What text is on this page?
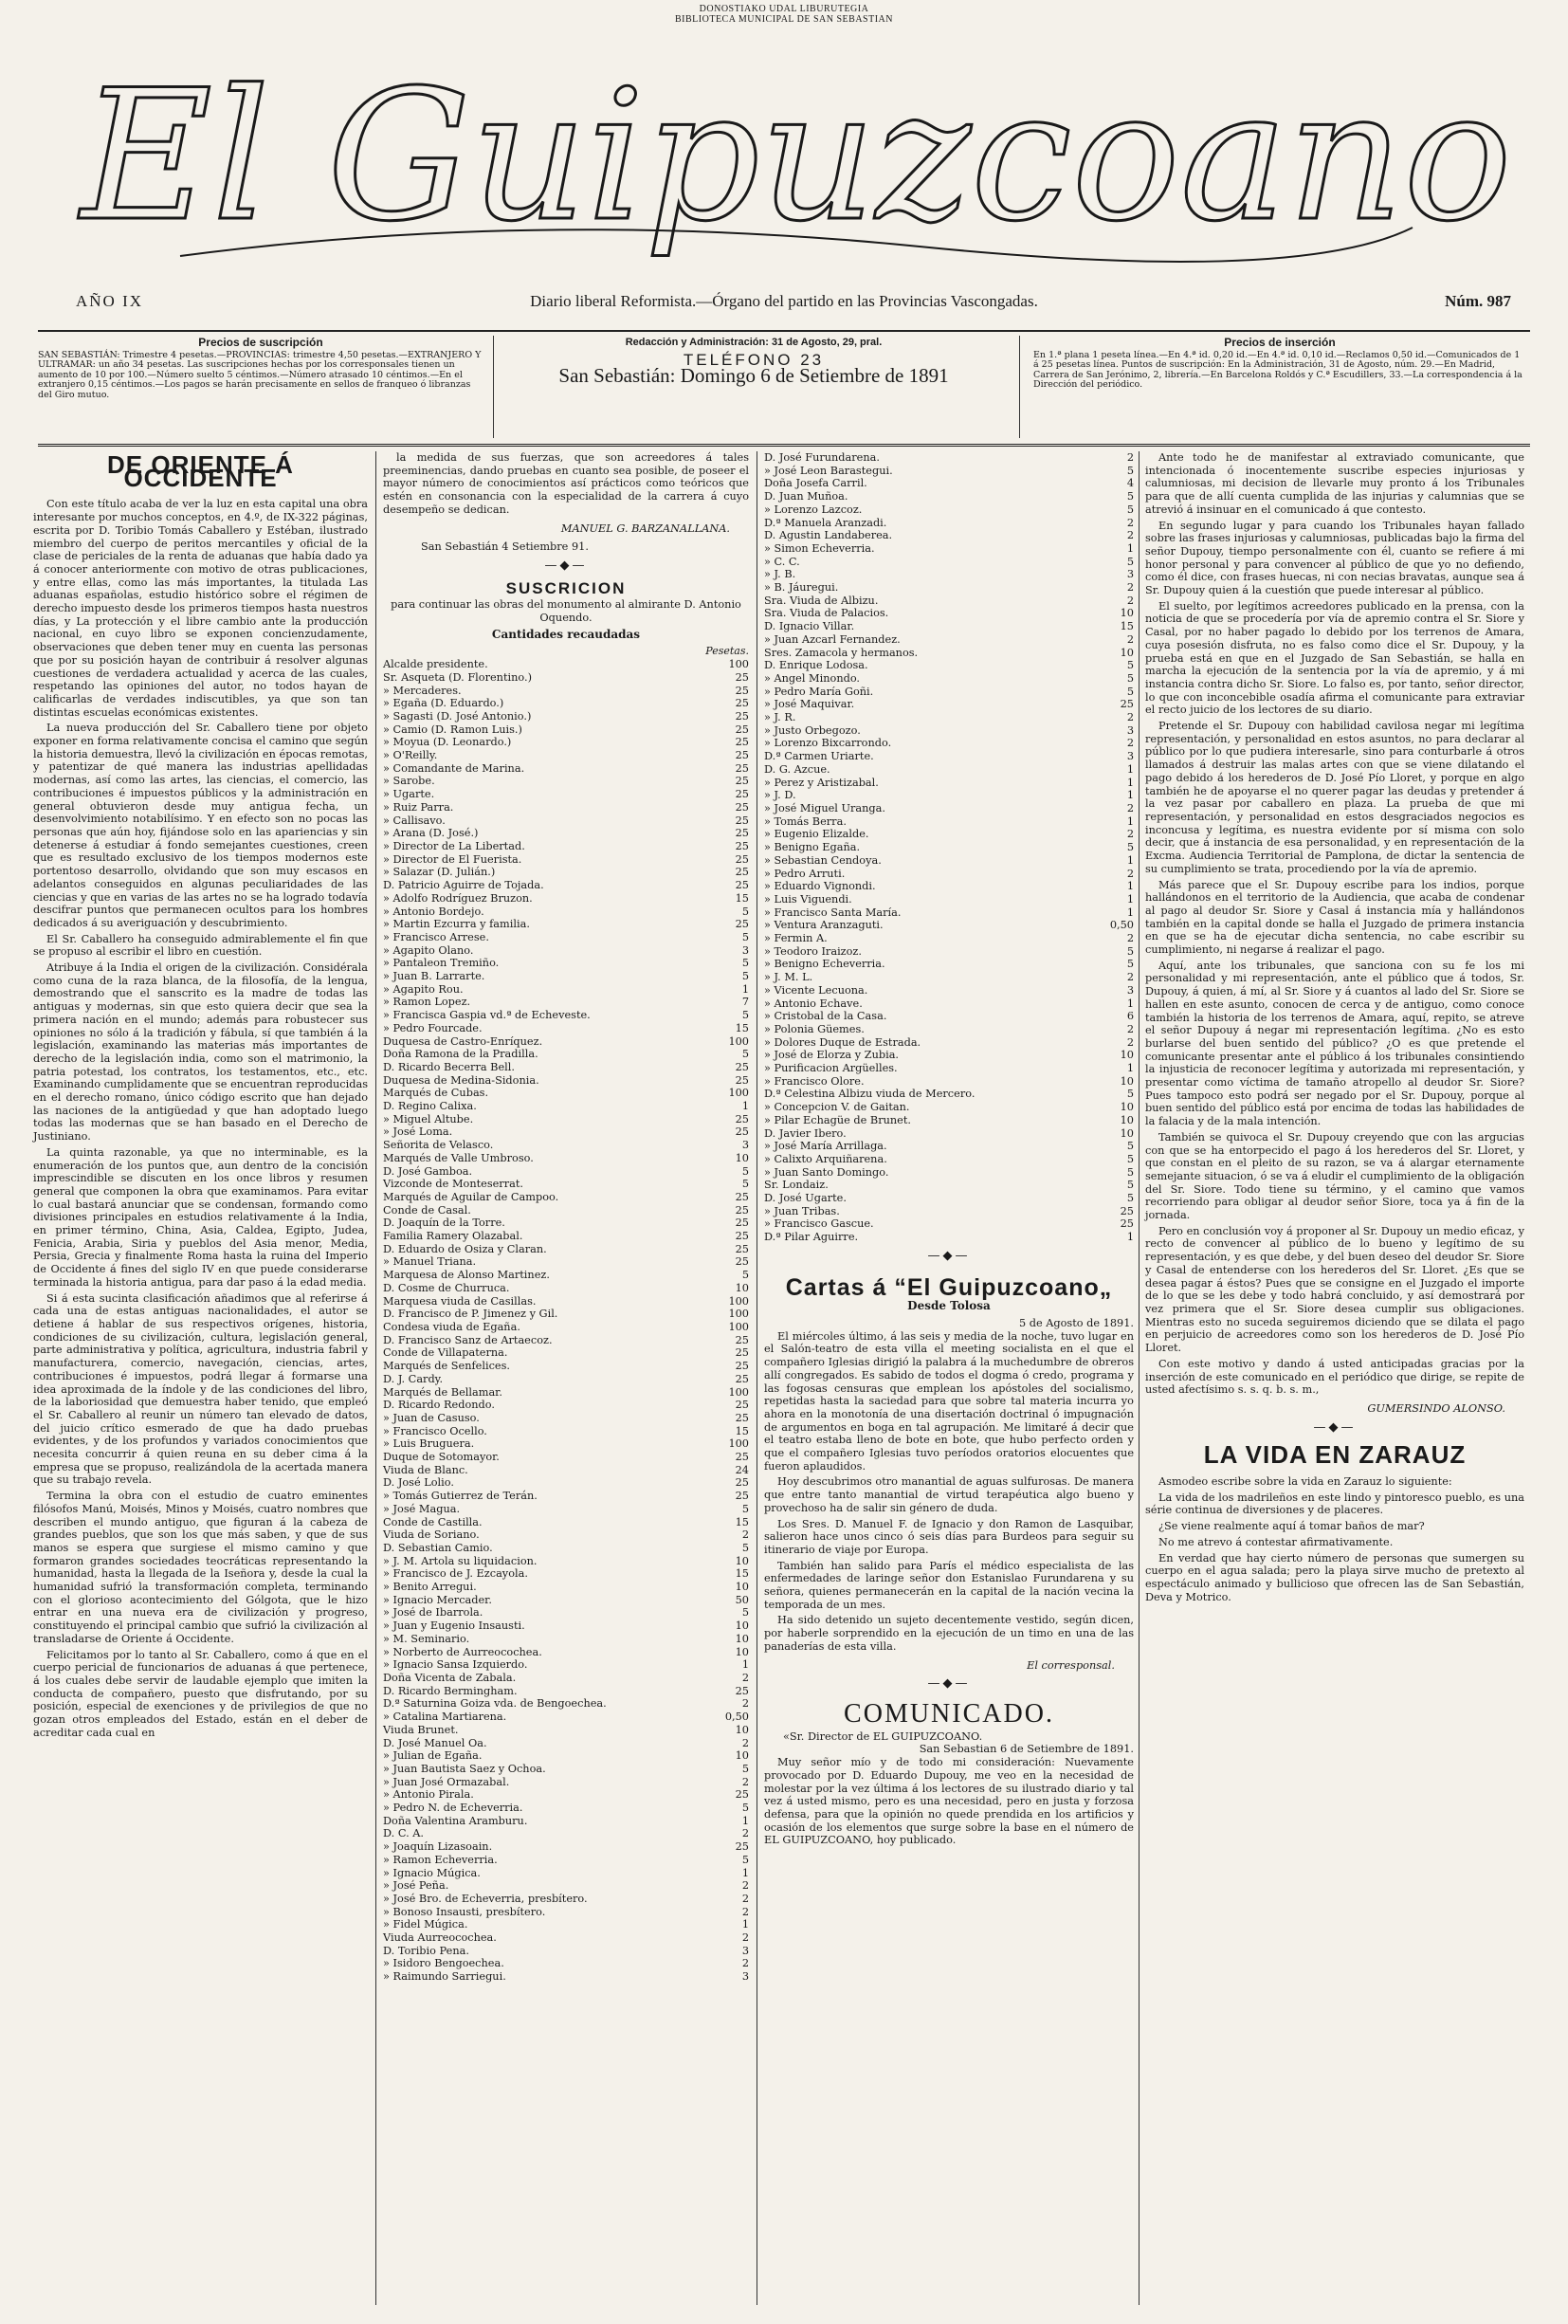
DONOSTIAKO UDAL LIBURUTEGIA
BIBLIOTECA MUNICIPAL DE SAN SEBASTIAN
El Guipuzcoano
AÑO IX	Diario liberal Reformista.—Órgano del partido en las Provincias Vascongadas.	Núm. 987
Precios de suscripción
SAN SEBASTIÁN: Trimestre 4 pesetas.—PROVINCIAS: trimestre 4,50 pesetas.—EXTRANJERO Y ULTRAMAR: un año 34 pesetas. Las suscripciones hechas por los corresponsales tienen un aumento de 10 por 100.—Número suelto 5 céntimos.—Número atrasado 10 céntimos.—En el extranjero 0,15 céntimos.—Los pagos se harán precisamente en sellos de franqueo ó libranzas del Giro mutuo.
Redacción y Administración: 31 de Agosto, 29, pral.
TELÉFONO 23
San Sebastián: Domingo 6 de Setiembre de 1891
Precios de inserción
En 1.ª plana 1 peseta línea.—En 4.ª id. 0,20 id.—En 4.ª id. 0,10 id.—Reclamos 0,50 id.—Comunicados de 1 á 25 pesetas línea. Puntos de suscripción: En la Administración, 31 de Agosto, núm. 29.—En Madrid, Carrera de San Jerónimo, 2, librería.—En Barcelona Roldós y C.ª Escudillers, 33.—La correspondencia á la Dirección del periódico.
DE ORIENTE Á OCCIDENTE

Con este título acaba de ver la luz en esta capital una obra interesante por muchos conceptos, en 4.º, de IX-322 páginas, escrita por D. Toribio Tomás Caballero y Estéban, ilustrado miembro del cuerpo de peritos mercantiles y oficial de la clase de periciales de la renta de aduanas que había dado ya á conocer anteriormente con motivo de otras publicaciones, y entre ellas, como las más importantes, la titulada Las aduanas españolas, estudio histórico sobre el régimen de derecho impuesto desde los primeros tiempos hasta nuestros días, y La protección y el libre cambio ante la producción nacional, en cuyo libro se exponen concienzudamente, observaciones que deben tener muy en cuenta las personas que por su posición hayan de contribuir á resolver algunas cuestiones de verdadera actualidad y acerca de las cuales, respetando las opiniones del autor, no todos hayan de calificarlas de verdades indiscutibles, ya que son tan distintas escuelas económicas existentes.

La nueva producción del Sr. Caballero tiene por objeto exponer en forma relativamente concisa el camino que según la historia demuestra, llevó la civilización en épocas remotas, y patentizar de qué manera las industrias apellidadas modernas, así como las artes, las ciencias, el comercio, las contribuciones é impuestos públicos y la administración en general obtuvieron desde muy antigua fecha, un desenvolvimiento notabilísimo. Y en efecto son no pocas las personas que aún hoy, fijándose solo en las apariencias y sin detenerse á estudiar á fondo semejantes cuestiones, creen que es resultado exclusivo de los tiempos modernos este portentoso desarrollo, olvidando que son muy escasos en adelantos conseguidos en algunas peculiaridades de las ciencias y que en varias de las artes no se ha logrado todavía descifrar puntos que permanecen ocultos para los hombres dedicados á su averiguación y descubrimiento.

El Sr. Caballero ha conseguido admirablemente el fin que se propuso al escribir el libro en cuestión.

Atribuye á la India el origen de la civilización. Considérala como cuna de la raza blanca, de la filosofía, de la lengua, demostrando que el sanscrito es la madre de todas las antiguas y modernas, sin que esto quiera decir que sea la primera nación en el mundo; además para robustecer sus opiniones no sólo á la tradición y fábula, sí que también á la legislación, examinando las materias más importantes de derecho de la legislación india, como son el matrimonio, la patria potestad, los contratos, los testamentos, etc., etc. Examinando cumplidamente que se encuentran reproducidas en el derecho romano, único código escrito que han dejado las naciones de la antigüedad y que han adoptado luego todas las modernas que se han basado en el Derecho de Justiniano.

La quinta razonable, ya que no interminable, es la enumeración de los puntos que, aun dentro de la concisión imprescindible se discuten en los once libros y resumen general que componen la obra que examinamos. Para evitar lo cual bastará anunciar que se condensan, formando como divisiones principales en estudios relativamente á la India, en primer término, China, Asia, Caldea, Egipto, Judea, Fenicia, Arabia, Siria y pueblos del Asia menor, Media, Persia, Grecia y finalmente Roma hasta la ruina del Imperio de Occidente á fines del siglo IV en que puede considerarse terminada la historia antigua, para dar paso á la edad media.

Si á esta sucinta clasificación añadimos que al referirse á cada una de estas antiguas nacionalidades, el autor se detiene á hablar de sus respectivos orígenes, historia, condiciones de su civilización, cultura, legislación general, parte administrativa y política, agricultura, industria fabril y manufacturera, comercio, navegación, ciencias, artes, contribuciones é impuestos, podrá llegar á formarse una idea aproximada de la índole y de las condiciones del libro, de la laboriosidad que demuestra haber tenido, que empleó el Sr. Caballero al reunir un número tan elevado de datos, del juicio crítico esmerado de que ha dado pruebas evidentes, y de los profundos y variados conocimientos que necesita concurrir á quien reuna en su deber cima á la empresa que se propuso, realizándola de la acertada manera que su trabajo revela.

Termina la obra con el estudio de cuatro eminentes filósofos Manú, Moisés, Minos y Moisés, cuatro nombres que describen el mundo antiguo, que figuran á la cabeza de grandes pueblos, que son los que más saben, y que de sus manos se espera que surgiese el mismo camino y que formaron grandes sociedades teocráticas representando la humanidad, hasta la llegada de la Iseñora y, desde la cual la humanidad sufrió la transformación completa, terminando con el glorioso acontecimiento del Gólgota, que le hizo entrar en una nueva era de civilización y progreso, constituyendo el principal cambio que sufrió la civilización al transladarse de Oriente á Occidente.

Felicitamos por lo tanto al Sr. Caballero, como á que en el cuerpo pericial de funcionarios de aduanas á que pertenece, á los cuales debe servir de laudable ejemplo que imiten la conducta de compañero, puesto que disfrutando, por su posición, especial de exenciones y de privilegios de que no gozan otros empleados del Estado, están en el deber de acreditar cada cual en

la medida de sus fuerzas, que son acreedores á tales preeminencias, dando pruebas en cuanto sea posible, de poseer el mayor número de conocimientos así prácticos como teóricos que estén en consonancia con la especialidad de la carrera á cuyo desempeño se dedican.

MANUEL G. BARZANALLANA.
San Sebastián 4 Setiembre 91.
—◆—
SUSCRICION
para continuar las obras del monumento al almirante D. Antonio Oquendo.
Cantidades recaudadas
Pesetas.
Alcalde presidente.	100
Sr. Asqueta (D. Florentino.)	25
» Mercaderes.	25
» Egaña (D. Eduardo.)	25
» Sagasti (D. José Antonio.)	25
» Camio (D. Ramon Luis.)	25
» Moyua (D. Leonardo.)	25
» O'Reilly.	25
» Comandante de Marina.	25
» Sarobe.	25
» Ugarte.	25
» Ruiz Parra.	25
» Callisavo.	25
» Arana (D. José.)	25
» Director de La Libertad.	25
» Director de El Fuerista.	25
» Salazar (D. Julián.)	25
D. Patricio Aguirre de Tojada.	25
» Adolfo Rodríguez Bruzon.	15
» Antonio Bordejo.	5
» Martin Ezcurra y familia.	25
» Francisco Arrese.	5
» Agapito Olano.	3
» Pantaleon Tremiño.	5
» Juan B. Larrarte.	5
» Agapito Rou.	1
» Ramon Lopez.	7
» Francisca Gaspia vd.ª de Echeveste.	5
» Pedro Fourcade.	15
Duquesa de Castro-Enríquez.	100
Doña Ramona de la Pradilla.	5
D. Ricardo Becerra Bell.	25
Duquesa de Medina-Sidonia.	25
Marqués de Cubas.	100
D. Regino Calixa.	1
» Miguel Altube.	25
» José Loma.	25
Señorita de Velasco.	3
Marqués de Valle Umbroso.	10
D. José Gamboa.	5
Vizconde de Monteserrat.	5
Marqués de Aguilar de Campoo.	25
Conde de Casal.	25
D. Joaquín de la Torre.	25
Familia Ramery Olazabal.	25
D. Eduardo de Osiza y Claran.	25
» Manuel Triana.	25
Marquesa de Alonso Martinez.	5
D. Cosme de Churruca.	10
Marquesa viuda de Casillas.	100
D. Francisco de P. Jimenez y Gil.	100
Condesa viuda de Egaña.	100
D. Francisco Sanz de Artaecoz.	25
Conde de Villapaterna.	25
Marqués de Senfelices.	25
D. J. Cardy.	25
Marqués de Bellamar.	100
D. Ricardo Redondo.	25
» Juan de Casuso.	25
» Francisco Ocello.	15
» Luis Bruguera.	100
Duque de Sotomayor.	25
Viuda de Blanc.	24
D. José Lolio.	25
» Tomás Gutierrez de Terán.	25
» José Magua.	5
Conde de Castilla.	15
Viuda de Soriano.	2
D. Sebastian Camio.	5
» J. M. Artola su liquidacion.	10
» Francisco de J. Ezcayola.	15
» Benito Arregui.	10
» Ignacio Mercader.	50
» José de Ibarrola.	5
» Juan y Eugenio Insausti.	10
» M. Seminario.	10
» Norberto de Aurreocochea.	10
» Ignacio Sansa Izquierdo.	1
Doña Vicenta de Zabala.	2
D. Ricardo Bermingham.	25
D.ª Saturnina Goiza vda. de Bengoechea.	2
» Catalina Martiarena.	0,50
Viuda Brunet.	10
D. José Manuel Oa.	2
» Julian de Egaña.	10
» Juan Bautista Saez y Ochoa.	5
» Juan José Ormazabal.	2
» Antonio Pirala.	25
» Pedro N. de Echeverria.	5
Doña Valentina Aramburu.	1
D. C. A.	2
» Joaquín Lizasoain.	25
» Ramon Echeverria.	5
» Ignacio Múgica.	1
» José Peña.	2
» José Bro. de Echeverria, presbítero.	2
» Bonoso Insausti, presbítero.	2
» Fidel Múgica.	1
Viuda Aurreocochea.	2
D. Toribio Pena.	3
» Isidoro Bengoechea.	2
» Raimundo Sarriegui.	3
D. José Furundarena.	2
» José Leon Barastegui.	5
Doña Josefa Carril.	4
D. Juan Muñoa.	5
» Lorenzo Lazcoz.	5
D.ª Manuela Aranzadi.	2
D. Agustin Landaberea.	2
» Simon Echeverria.	1
» C. C.	5
» J. B.	3
» B. Jáuregui.	2
Sra. Viuda de Albizu.	2
Sra. Viuda de Palacios.	10
D. Ignacio Villar.	15
» Juan Azcarl Fernandez.	2
Sres. Zamacola y hermanos.	10
D. Enrique Lodosa.	5
» Angel Minondo.	5
» Pedro María Goñi.	5
» José Maquivar.	25
» J. R.	2
» Justo Orbegozo.	3
» Lorenzo Bixcarrondo.	2
D.ª Carmen Uriarte.	3
D. G. Azcue.	1
» Perez y Aristizabal.	1
» J. D.	1
» José Miguel Uranga.	2
» Tomás Berra.	1
» Eugenio Elizalde.	2
» Benigno Egaña.	5
» Sebastian Cendoya.	1
» Pedro Arruti.	2
» Eduardo Vignondi.	1
» Luis Viguendi.	1
» Francisco Santa María.	1
» Ventura Aranzaguti.	0,50
» Fermin A.	2
» Teodoro Iraizoz.	5
» Benigno Echeverria.	5
» J. M. L.	2
» Vicente Lecuona.	3
» Antonio Echave.	1
» Cristobal de la Casa.	6
» Polonia Güemes.	2
» Dolores Duque de Estrada.	2
» José de Elorza y Zubia.	10
» Purificacion Argüelles.	1
» Francisco Olore.	10
D.ª Celestina Albizu viuda de Mercero.	5
» Concepcion V. de Gaitan.	10
» Pilar Echagüe de Brunet.	10
D. Javier Ibero.	10
» José María Arrillaga.	5
» Calixto Arquiñarena.	5
» Juan Santo Domingo.	5
Sr. Londaiz.	5
D. José Ugarte.	5
» Juan Tribas.	25
» Francisco Gascue.	25
D.ª Pilar Aguirre.	1
—◆—
Cartas á “El Guipuzcoano„
Desde Tolosa
5 de Agosto de 1891.

El miércoles último, á las seis y media de la noche, tuvo lugar en el Salón-teatro de esta villa el meeting socialista en el que el compañero Iglesias dirigió la palabra á la muchedumbre de obreros allí congregados. Es sabido de todos el dogma ó credo, programa y las fogosas censuras que emplean los apóstoles del socialismo, repetidas hasta la saciedad para que sobre tal materia incurra yo ahora en la monotonía de una disertación doctrinal ó impugnación de argumentos en boga en tal agrupación. Me limitaré á decir que el teatro estaba lleno de bote en bote, que hubo perfecto orden y que el compañero Iglesias tuvo períodos oratorios elocuentes que fueron aplaudidos.

Hoy descubrimos otro manantial de aguas sulfurosas. De manera que entre tanto manantial de virtud terapéutica algo bueno y provechoso ha de salir sin género de duda.

Los Sres. D. Manuel F. de Ignacio y don Ramon de Lasquibar, salieron hace unos cinco ó seis días para Burdeos para seguir su itinerario de viaje por Europa.

También han salido para París el médico especialista de las enfermedades de laringe señor don Estanislao Furundarena y su señora, quienes permanecerán en la capital de la nación vecina la temporada de un mes.

Ha sido detenido un sujeto decentemente vestido, según dicen, por haberle sorprendido en la ejecución de un timo en una de las panaderías de esta villa.

El corresponsal.
—◆—
COMUNICADO.
«Sr. Director de EL GUIPUZCOANO.
San Sebastian 6 de Setiembre de 1891.

Muy señor mío y de todo mi consideración: Nuevamente provocado por D. Eduardo Dupouy, me veo en la necesidad de molestar por la vez última á los lectores de su ilustrado diario y tal vez á usted mismo, pero es una necesidad, pero en justa y forzosa defensa, para que la opinión no quede prendida en los artificios y ocasión de los elementos que surge sobre la base en el número de EL GUIPUZCOANO, hoy publicado.

Ante todo he de manifestar al extraviado comunicante, que intencionada ó inocentemente suscribe especies injuriosas y calumniosas, mi decision de llevarle muy pronto á los Tribunales para que de allí cuenta cumplida de las injurias y calumnias que se atrevió á insinuar en el comunicado á que contesto.

En segundo lugar y para cuando los Tribunales hayan fallado sobre las frases injuriosas y calumniosas, publicadas bajo la firma del señor Dupouy, tiempo personalmente con él, cuanto se refiere á mi honor personal y para convencer al público de que yo no defiendo, como él dice, con frases huecas, ni con necias bravatas, aunque sea á Sr. Dupouy quien á la cuestión que puede interesar al público.

El suelto, por legítimos acreedores publicado en la prensa, con la noticia de que se procedería por vía de apremio contra el Sr. Siore y Casal, por no haber pagado lo debido por los terrenos de Amara, cuya posesión disfruta, no es falso como dice el Sr. Dupouy, y la prueba está en que en el Juzgado de San Sebastián, se halla en marcha la ejecución de la sentencia por la vía de apremio, y á mi instancia contra dicho Sr. Siore. Lo falso es, por tanto, señor director, lo que con inconcebible osadía afirma el comunicante para extraviar el recto juicio de los lectores de su diario.

Pretende el Sr. Dupouy con habilidad cavilosa negar mi legítima representación, y personalidad en estos asuntos, no para declarar al público por lo que pudiera interesarle, sino para conturbarle á otros llamados á destruir las malas artes con que se viene dilatando el pago debido á los herederos de D. José Pío Lloret, y porque en algo también he de apoyarse el no querer pagar las deudas y pretender á la vez pasar por caballero en plaza. La prueba de que mi representación, y personalidad en estos desgraciados negocios es inconcusa y legítima, es nuestra evidente por sí misma con solo decir, que á instancia de esa personalidad, y en representación de la Excma. Audiencia Territorial de Pamplona, de dictar la sentencia de su cumplimiento se trata, procediendo por la vía de apremio.

Más parece que el Sr. Dupouy escribe para los indios, porque hallándonos en el territorio de la Audiencia, que acaba de condenar al pago al deudor Sr. Siore y Casal á instancia mía y hallándonos también en la capital donde se halla el Juzgado de primera instancia en que se ha de ejecutar dicha sentencia, no cabe escribir su cumplimiento, ni negarse á realizar el pago.

Aquí, ante los tribunales, que sanciona con su fe los mi personalidad y mi representación, ante el público que á todos, Sr. Dupouy, á quien, á mí, al Sr. Siore y á cuantos al lado del Sr. Siore se hallen en este asunto, conocen de cerca y de antiguo, como conoce también la historia de los terrenos de Amara, aquí, repito, se atreve el señor Dupouy á negar mi representación legítima. ¿No es esto burlarse del buen sentido del público? ¿O es que pretende el comunicante presentar ante el público á los tribunales consintiendo la injusticia de reconocer legítima y autorizada mi representación, y presentar como víctima de tamaño atropello al deudor Sr. Siore? Pues tampoco esto podrá ser negado por el Sr. Dupouy, porque al buen sentido del público está por encima de todas las habilidades de la falacia y de la mala intención.

También se quivoca el Sr. Dupouy creyendo que con las argucias con que se ha entorpecido el pago á los herederos del Sr. Lloret, y que constan en el pleito de su razon, se va á alargar eternamente semejante situacion, ó se va á eludir el cumplimiento de la obligación del Sr. Siore. Todo tiene su término, y el camino que vamos recorriendo para obligar al deudor señor Siore, toca ya á fin de la jornada.

Pero en conclusión voy á proponer al Sr. Dupouy un medio eficaz, y recto de convencer al público de lo bueno y legítimo de su representación, y es que debe, y del buen deseo del deudor Sr. Siore y Casal de entenderse con los herederos del Sr. Lloret. ¿Es que se desea pagar á éstos? Pues que se consigne en el Juzgado el importe de lo que se les debe y todo habrá concluido, y así demostrará por vez primera que el Sr. Siore desea cumplir sus obligaciones. Mientras esto no suceda seguiremos diciendo que se dilata el pago en perjuicio de acreedores como son los herederos de D. José Pío Lloret.

Con este motivo y dando á usted anticipadas gracias por la inserción de este comunicado en el periódico que dirige, se repite de usted afectísimo s. s. q. b. s. m.,

GUMERSINDO ALONSO.
—◆—
LA VIDA EN ZARAUZ

Asmodeo escribe sobre la vida en Zarauz lo siguiente:

La vida de los madrileños en este lindo y pintoresco pueblo, es una série continua de diversiones y de placeres.

¿Se viene realmente aquí á tomar baños de mar?

No me atrevo á contestar afirmativamente.

En verdad que hay cierto número de personas que sumergen su cuerpo en el agua salada; pero la playa sirve mucho de pretexto al espectáculo animado y bullicioso que ofrecen las de San Sebastián, Deva y Motrico.
